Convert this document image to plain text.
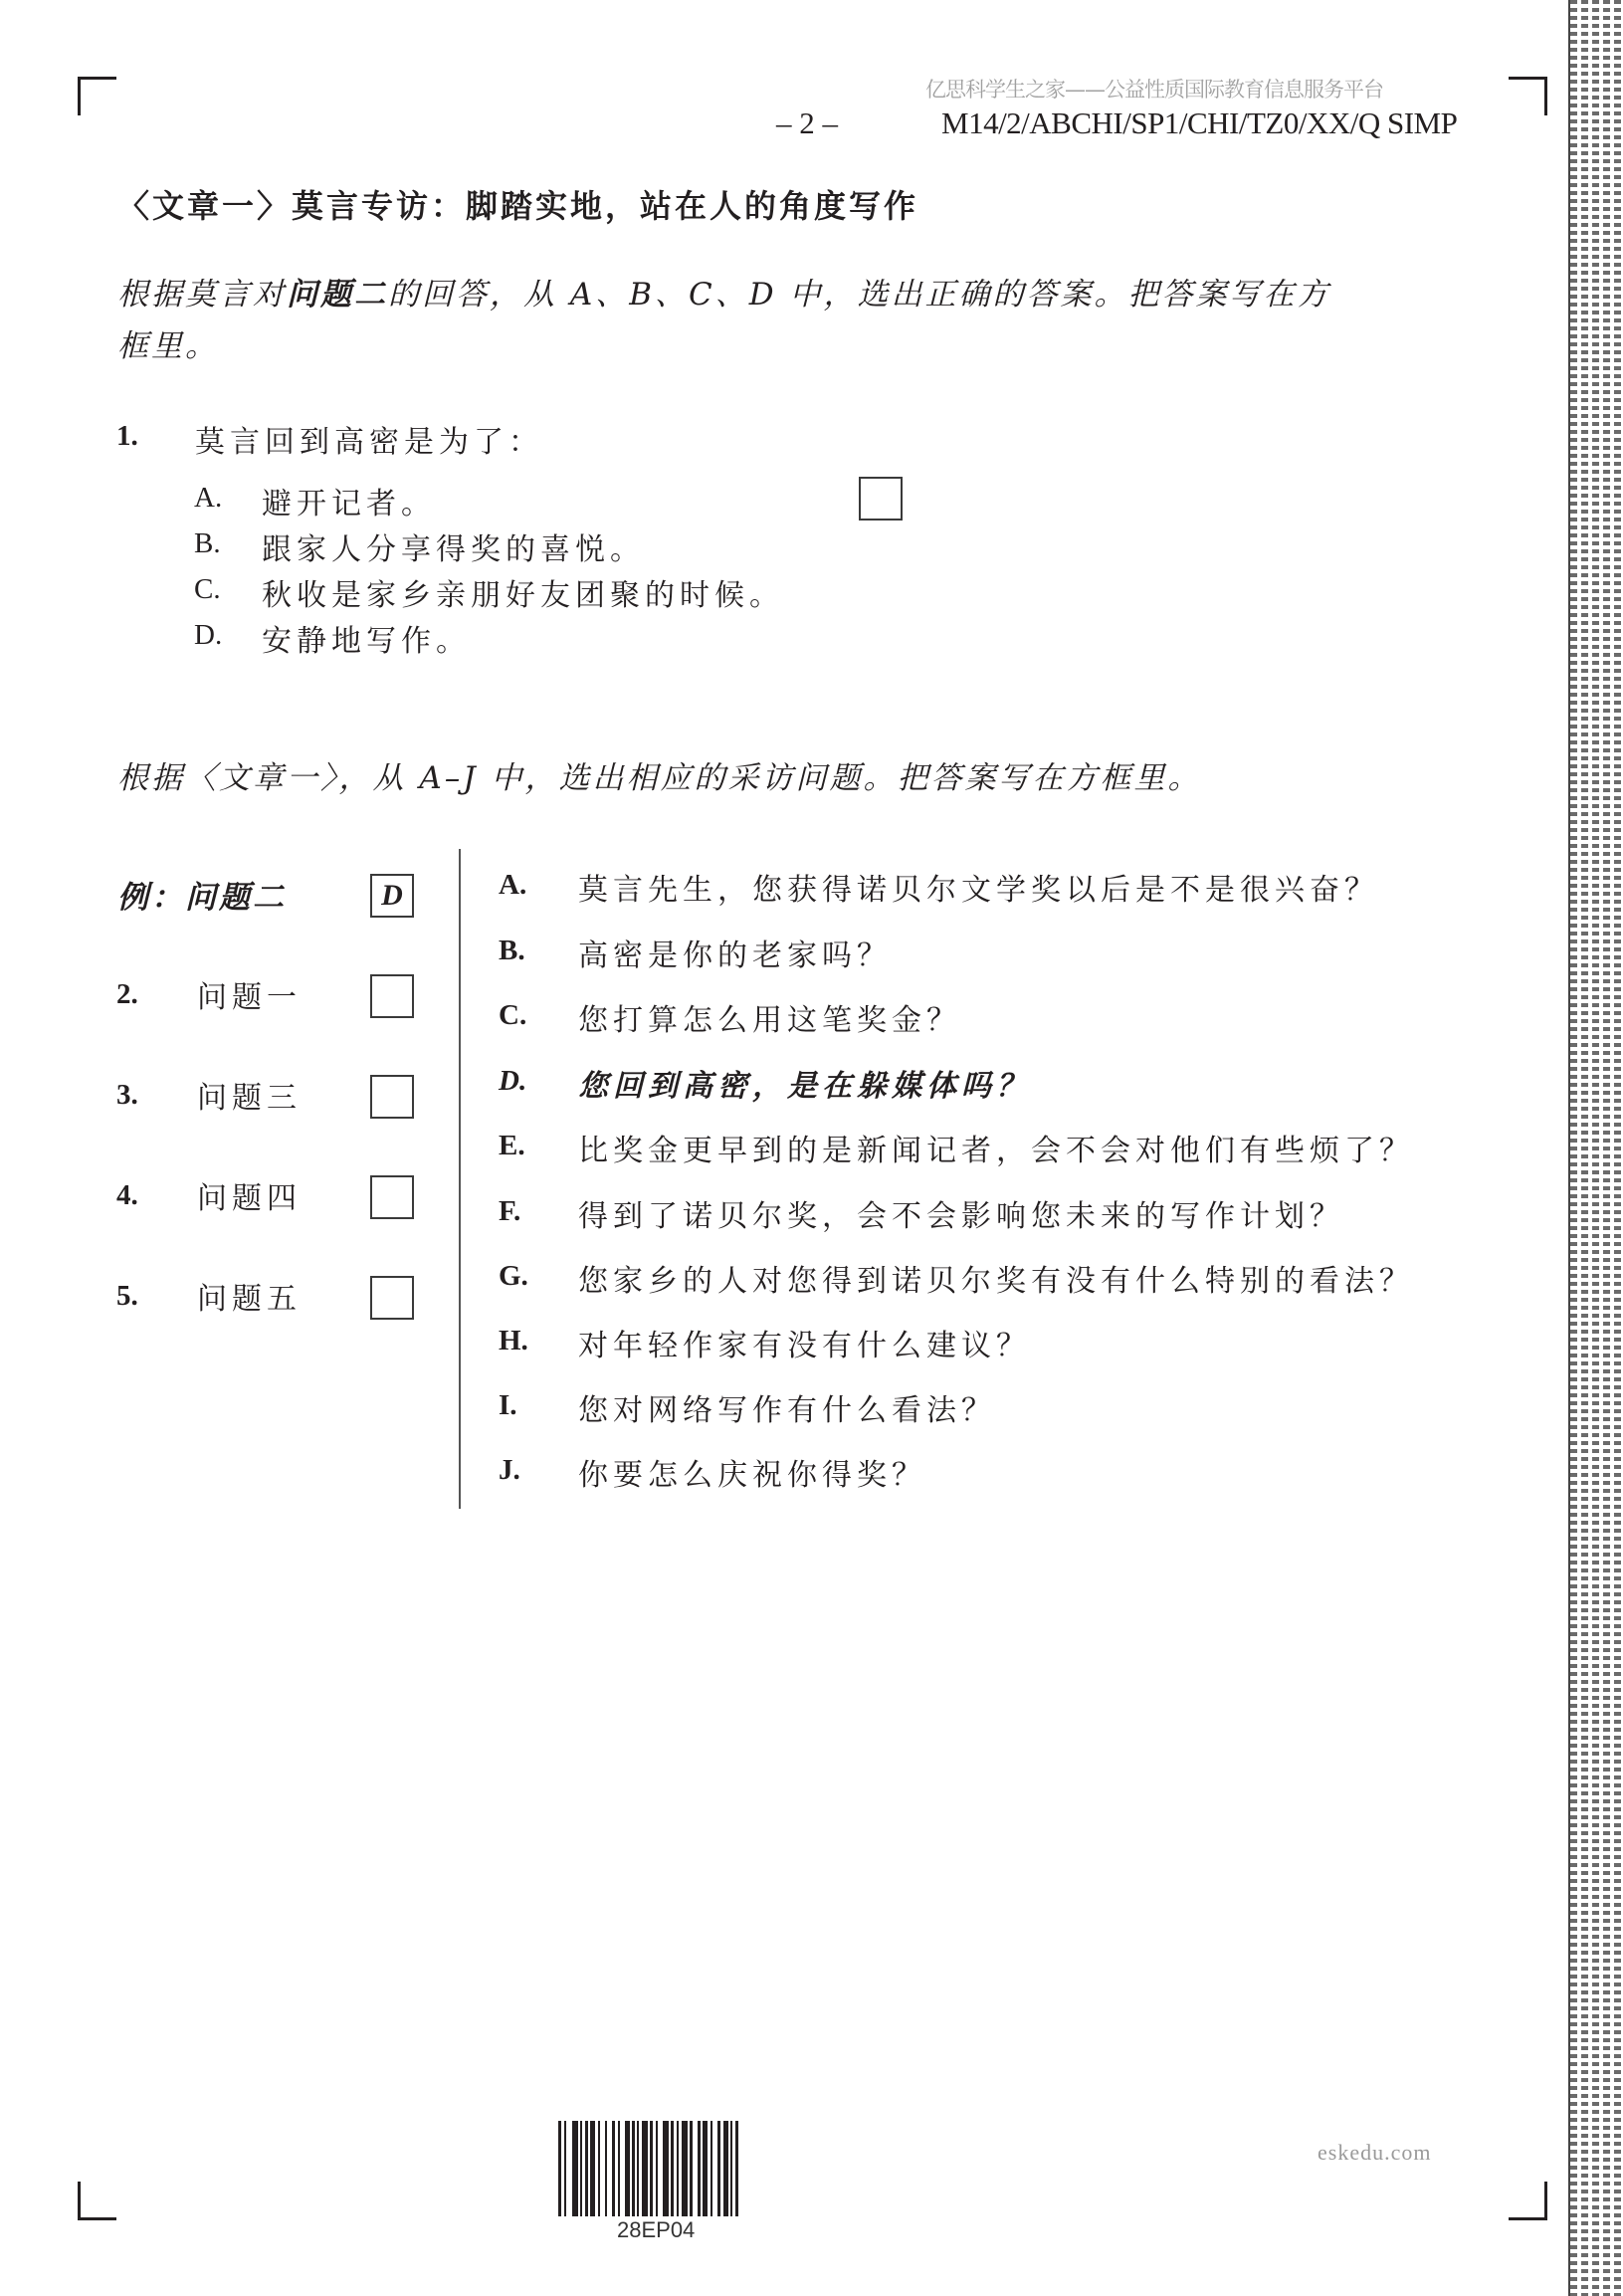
亿思科学生之家——公益性质国际教育信息服务平台
– 2 –	M14/2/ABCHI/SP1/CHI/TZ0/XX/Q SIMP
〈文章一〉莫言专访：脚踏实地，站在人的角度写作
根据莫言对问题二的回答，从 A、B、C、D 中，选出正确的答案。把答案写在方
框里。
1. 莫言回到高密是为了：
A. 避开记者。
B. 跟家人分享得奖的喜悦。
C. 秋收是家乡亲朋好友团聚的时候。
D. 安静地写作。
根据〈文章一〉，从 A–J 中，选出相应的采访问题。把答案写在方框里。
例：问题二	D
2. 问题一
3. 问题三
4. 问题四
5. 问题五
A. 莫言先生，您获得诺贝尔文学奖以后是不是很兴奋？
B. 高密是你的老家吗？
C. 您打算怎么用这笔奖金？
D. 您回到高密，是在躲媒体吗？
E. 比奖金更早到的是新闻记者，会不会对他们有些烦了？
F. 得到了诺贝尔奖，会不会影响您未来的写作计划？
G. 您家乡的人对您得到诺贝尔奖有没有什么特别的看法？
H. 对年轻作家有没有什么建议？
I. 您对网络写作有什么看法？
J. 你要怎么庆祝你得奖？
28EP04
eskedu.com
